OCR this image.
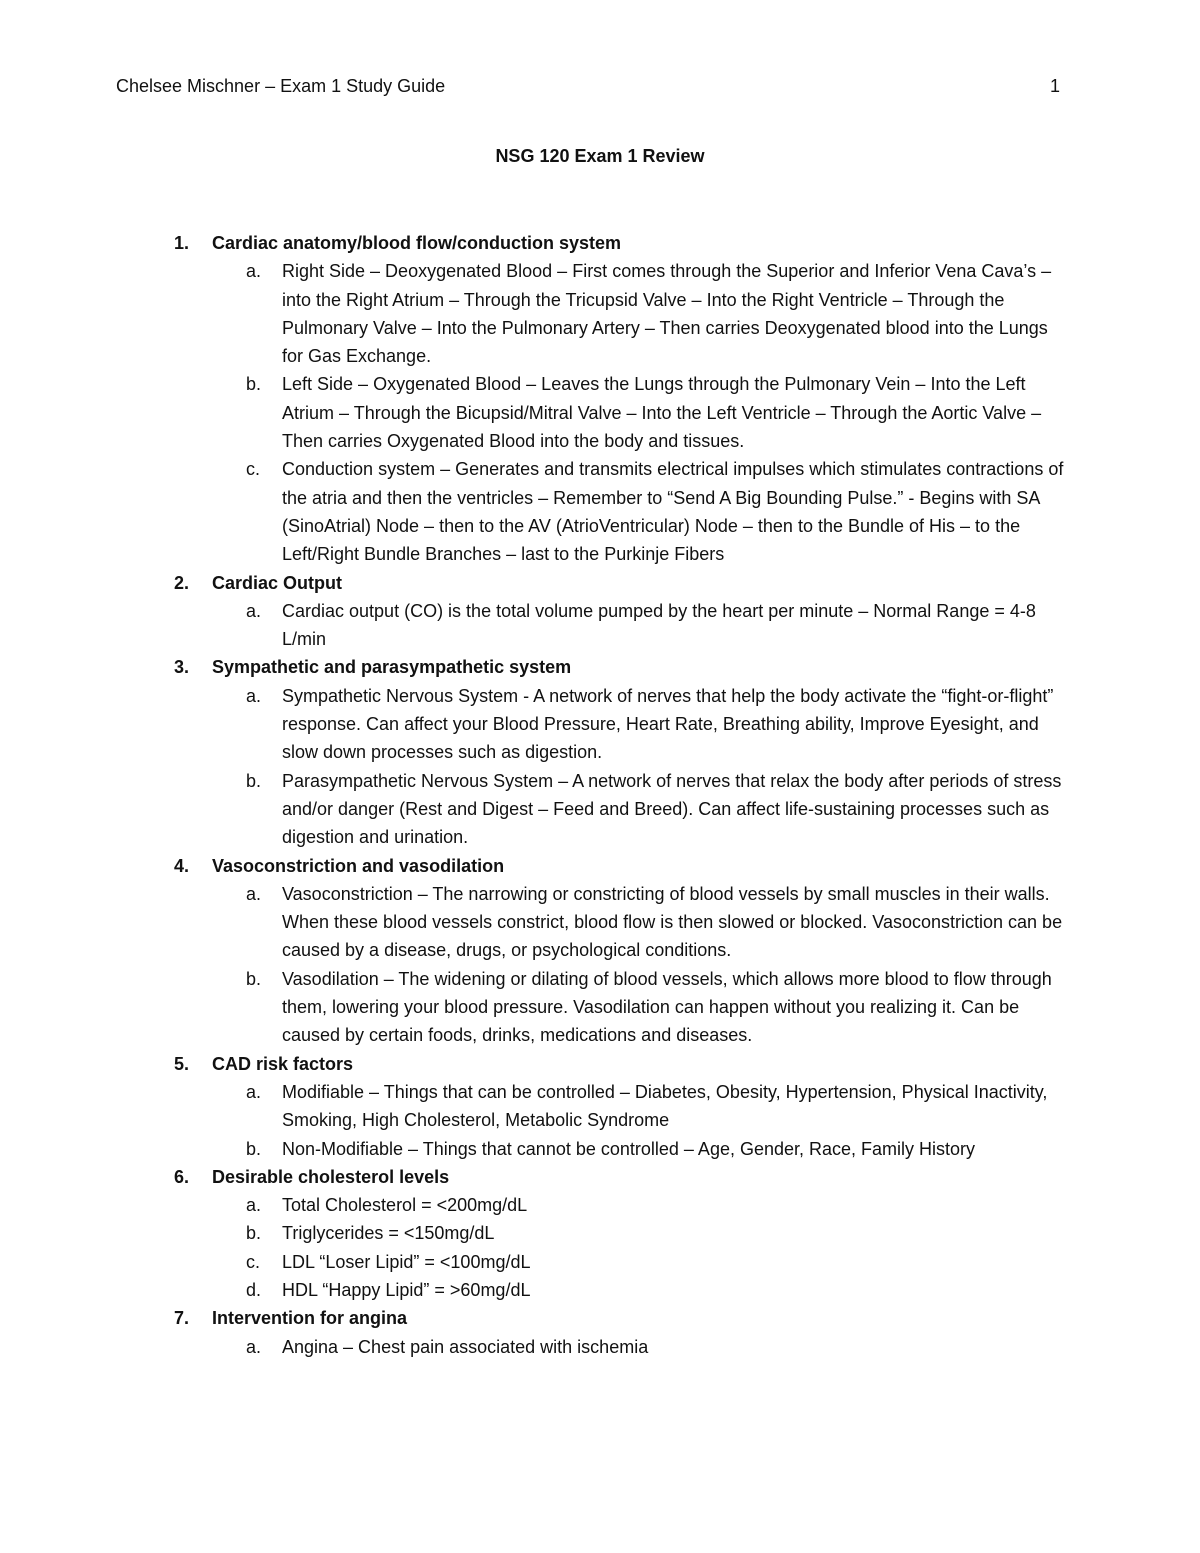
Chelsee Mischner – Exam 1 Study Guide	1
NSG 120 Exam 1 Review
1.	Cardiac anatomy/blood flow/conduction system
a.	Right Side – Deoxygenated Blood – First comes through the Superior and Inferior Vena Cava’s – into the Right Atrium – Through the Tricupsid Valve – Into the Right Ventricle – Through the Pulmonary Valve – Into the Pulmonary Artery – Then carries Deoxygenated blood into the Lungs for Gas Exchange.
b.	Left Side – Oxygenated Blood – Leaves the Lungs through the Pulmonary Vein – Into the Left Atrium – Through the Bicupsid/Mitral Valve – Into the Left Ventricle – Through the Aortic Valve – Then carries Oxygenated Blood into the body and tissues.
c.	Conduction system – Generates and transmits electrical impulses which stimulates contractions of the atria and then the ventricles – Remember to “Send A Big Bounding Pulse.” - Begins with SA (SinoAtrial) Node – then to the AV (AtrioVentricular) Node – then to the Bundle of His – to the Left/Right Bundle Branches – last to the Purkinje Fibers
2.	Cardiac Output
a.	Cardiac output (CO) is the total volume pumped by the heart per minute – Normal Range = 4-8 L/min
3.	Sympathetic and parasympathetic system
a.	Sympathetic Nervous System - A network of nerves that help the body activate the “fight-or-flight” response. Can affect your Blood Pressure, Heart Rate, Breathing ability, Improve Eyesight, and slow down processes such as digestion.
b.	Parasympathetic Nervous System – A network of nerves that relax the body after periods of stress and/or danger (Rest and Digest – Feed and Breed). Can affect life-sustaining processes such as digestion and urination.
4.	Vasoconstriction and vasodilation
a.	Vasoconstriction – The narrowing or constricting of blood vessels by small muscles in their walls. When these blood vessels constrict, blood flow is then slowed or blocked. Vasoconstriction can be caused by a disease, drugs, or psychological conditions.
b.	Vasodilation – The widening or dilating of blood vessels, which allows more blood to flow through them, lowering your blood pressure. Vasodilation can happen without you realizing it. Can be caused by certain foods, drinks, medications and diseases.
5.	CAD risk factors
a.	Modifiable – Things that can be controlled – Diabetes, Obesity, Hypertension, Physical Inactivity, Smoking, High Cholesterol, Metabolic Syndrome
b.	Non-Modifiable – Things that cannot be controlled – Age, Gender, Race, Family History
6.	Desirable cholesterol levels
a.	Total Cholesterol = <200mg/dL
b.	Triglycerides = <150mg/dL
c.	LDL “Loser Lipid” = <100mg/dL
d.	HDL “Happy Lipid” = >60mg/dL
7.	Intervention for angina
a.	Angina – Chest pain associated with ischemia
